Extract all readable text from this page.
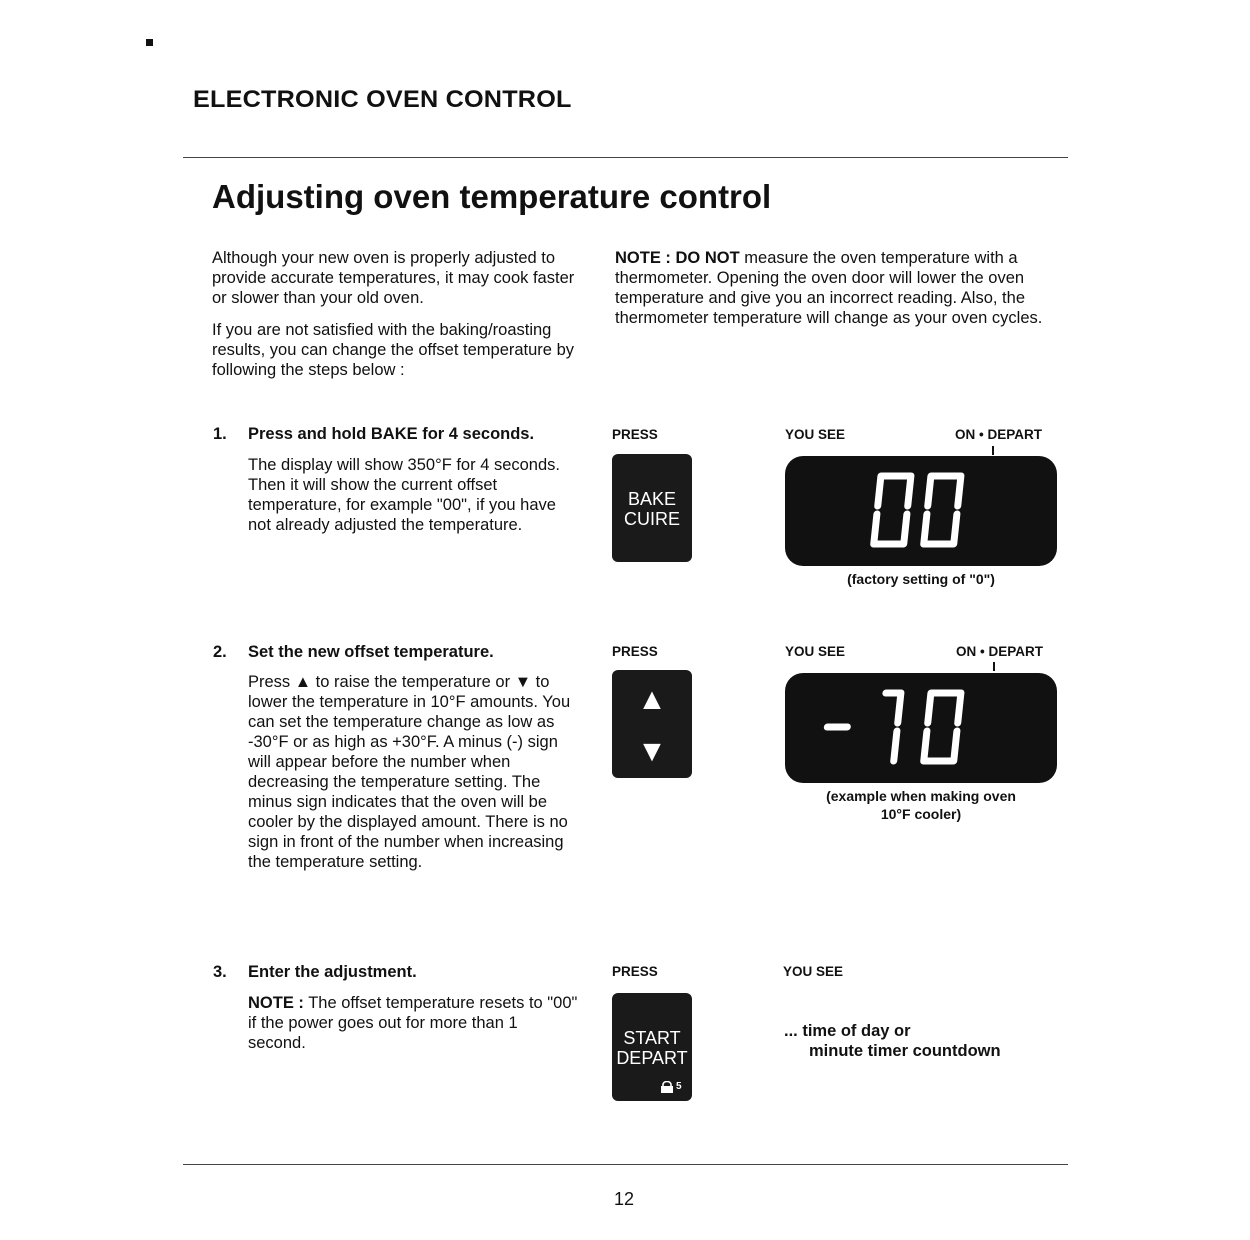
ELECTRONIC OVEN CONTROL
Adjusting oven temperature control

Although your new oven is properly adjusted to provide accurate temperatures, it may cook faster or slower than your old oven.

If you are not satisfied with the baking/roasting results, you can change the offset temperature by following the steps below :

NOTE : DO NOT measure the oven temperature with a thermometer. Opening the oven door will lower the oven temperature and give you an incorrect reading. Also, the thermometer temperature will change as your oven cycles.
1. Press and hold BAKE for 4 seconds.
The display will show 350°F for 4 seconds. Then it will show the current offset temperature, for example "00", if you have not already adjusted the temperature.
PRESS
BAKE
CUIRE
YOU SEE	ON • DEPART
(factory setting of "0")
2. Set the new offset temperature.
Press ▲ to raise the temperature or ▼ to lower the temperature in 10°F amounts. You can set the temperature change as low as -30°F or as high as +30°F. A minus (-) sign will appear before the number when decreasing the temperature setting. The minus sign indicates that the oven will be cooler by the displayed amount. There is no sign in front of the number when increasing the temperature setting.
PRESS
▲
▼
YOU SEE	ON • DEPART
(example when making oven
10°F cooler)
3. Enter the adjustment.
NOTE : The offset temperature resets to "00" if the power goes out for more than 1 second.
PRESS
START
DEPART
5
YOU SEE
... time of day or
minute timer countdown
12
